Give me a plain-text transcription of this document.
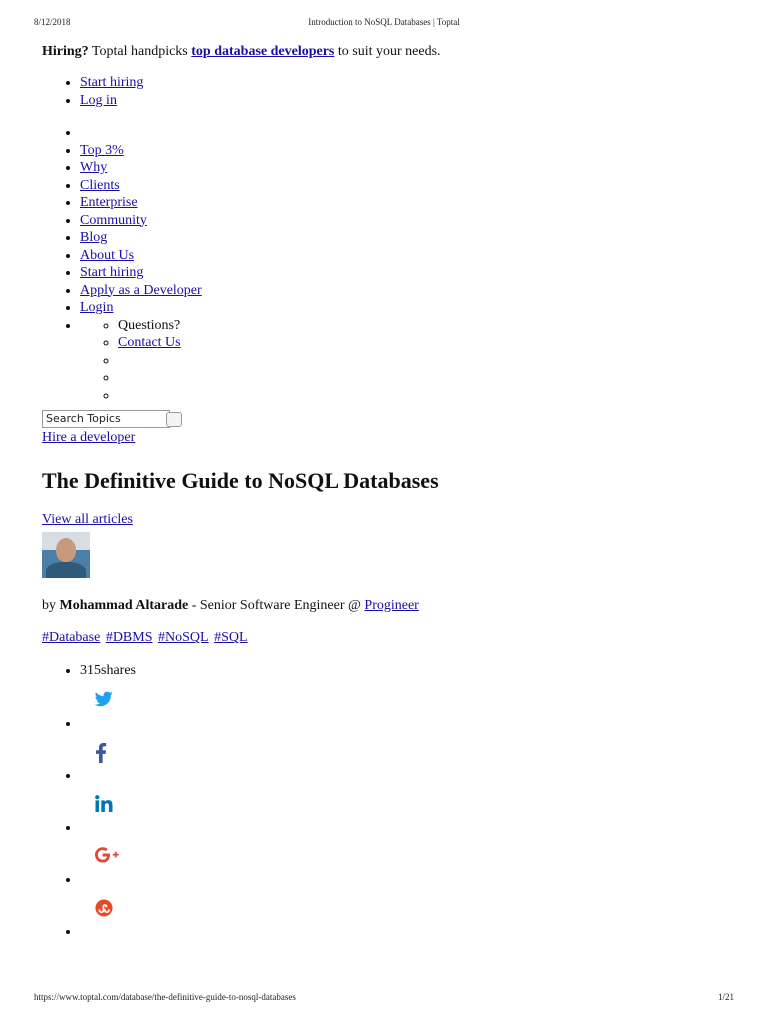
8/12/2018	Introduction to NoSQL Databases | Toptal

Hiring? Toptal handpicks top database developers to suit your needs.

• Start hiring
• Log in
•
• Top 3%
• Why
• Clients
• Enterprise
• Community
• Blog
• About Us
• Start hiring
• Apply as a Developer
• Login
◦ • Questions?
◦ Contact Us
◦
◦
◦
Search Topics
Hire a developer
The Definitive Guide to NoSQL Databases
View all articles
by Mohammad Altarade - Senior Software Engineer @ Progineer
#Database #DBMS #NoSQL #SQL
• 315shares
•
•
•
•
•
https://www.toptal.com/database/the-definitive-guide-to-nosql-databases	1/21
